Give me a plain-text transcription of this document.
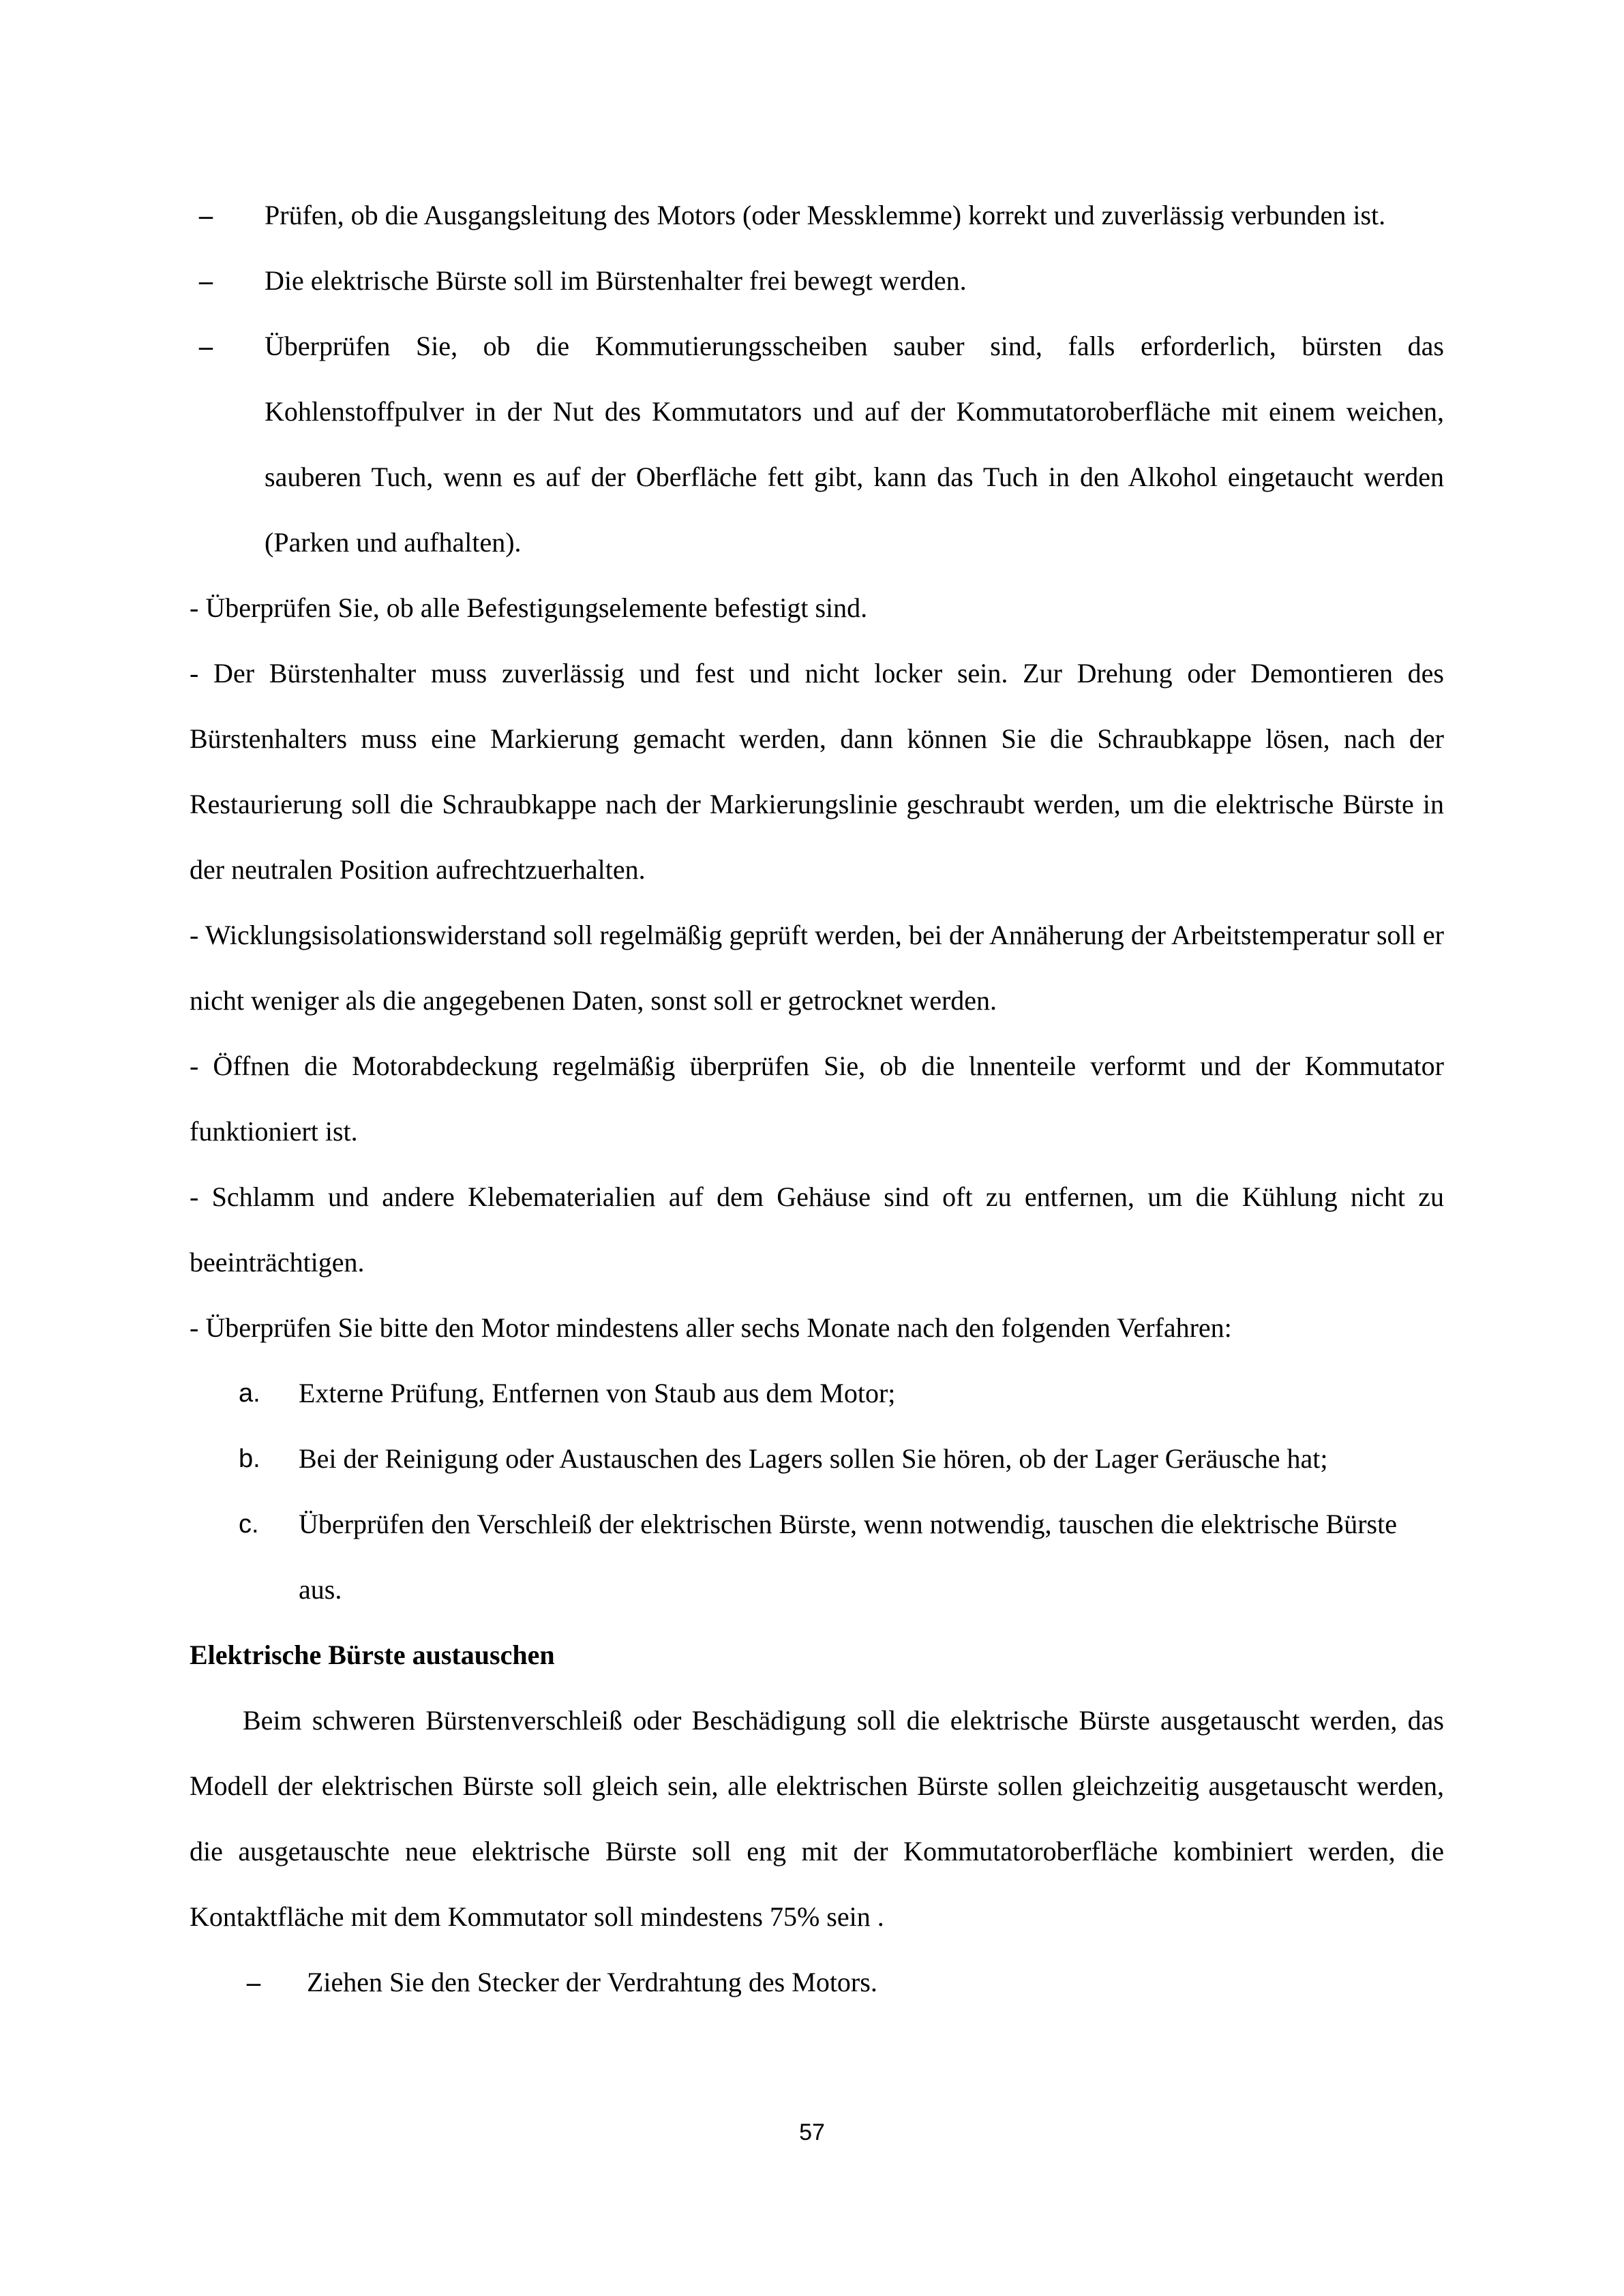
–	Prüfen, ob die Ausgangsleitung des Motors (oder Messklemme) korrekt und zuverlässig verbunden ist.
–	Die elektrische Bürste soll im Bürstenhalter frei bewegt werden.
–	Überprüfen Sie, ob die Kommutierungsscheiben sauber sind, falls erforderlich, bürsten das Kohlenstoffpulver in der Nut des Kommutators und auf der Kommutatoroberfläche mit einem weichen, sauberen Tuch, wenn es auf der Oberfläche fett gibt, kann das Tuch in den Alkohol eingetaucht werden (Parken und aufhalten).

- Überprüfen Sie, ob alle Befestigungselemente befestigt sind.

- Der Bürstenhalter muss zuverlässig und fest und nicht locker sein. Zur Drehung oder Demontieren des Bürstenhalters muss eine Markierung gemacht werden, dann können Sie die Schraubkappe lösen, nach der Restaurierung soll die Schraubkappe nach der Markierungslinie geschraubt werden, um die elektrische Bürste in der neutralen Position aufrechtzuerhalten.

- Wicklungsisolationswiderstand soll regelmäßig geprüft werden, bei der Annäherung der Arbeitstemperatur soll er nicht weniger als die angegebenen Daten, sonst soll er getrocknet werden.

- Öffnen die Motorabdeckung regelmäßig überprüfen Sie, ob die Ɩnnenteile verformt und der Kommutator funktioniert ist.

- Schlamm und andere Klebematerialien auf dem Gehäuse sind oft zu entfernen, um die Kühlung nicht zu beeinträchtigen.

- Überprüfen Sie bitte den Motor mindestens aller sechs Monate nach den folgenden Verfahren:

a.	Externe Prüfung, Entfernen von Staub aus dem Motor;
b.	Bei der Reinigung oder Austauschen des Lagers sollen Sie hören, ob der Lager Geräusche hat;
c.	Überprüfen den Verschleiß der elektrischen Bürste, wenn notwendig, tauschen die elektrische Bürste aus.

Elektrische Bürste austauschen

Beim schweren Bürstenverschleiß oder Beschädigung soll die elektrische Bürste ausgetauscht werden, das Modell der elektrischen Bürste soll gleich sein, alle elektrischen Bürste sollen gleichzeitig ausgetauscht werden, die ausgetauschte neue elektrische Bürste soll eng mit der Kommutatoroberfläche kombiniert werden, die Kontaktfläche mit dem Kommutator soll mindestens 75% sein .

–	Ziehen Sie den Stecker der Verdrahtung des Motors.

57
